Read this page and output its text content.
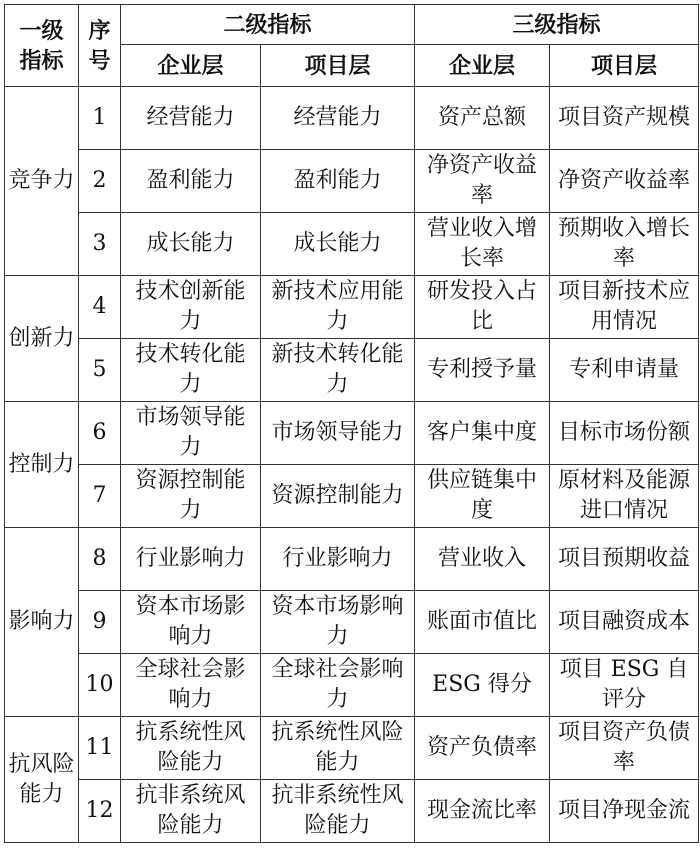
一级指标	序号	二级指标		三级指标	
		企业层	项目层	企业层	项目层
竞争力	1	经营能力	经营能力	资产总额	项目资产规模
	2	盈利能力	盈利能力	净资产收益率	净资产收益率
	3	成长能力	成长能力	营业收入增长率	预期收入增长率
创新力	4	技术创新能力	新技术应用能力	研发投入占比	项目新技术应用情况
	5	技术转化能力	新技术转化能力	专利授予量	专利申请量
控制力	6	市场领导能力	市场领导能力	客户集中度	目标市场份额
	7	资源控制能力	资源控制能力	供应链集中度	原材料及能源进口情况
影响力	8	行业影响力	行业影响力	营业收入	项目预期收益
	9	资本市场影响力	资本市场影响力	账面市值比	项目融资成本
	10	全球社会影响力	全球社会影响力	ESG 得分	项目 ESG 自评分
抗风险能力	11	抗系统性风险能力	抗系统性风险能力	资产负债率	项目资产负债率
	12	抗非系统风险能力	抗非系统性风险能力	现金流比率	项目净现金流
